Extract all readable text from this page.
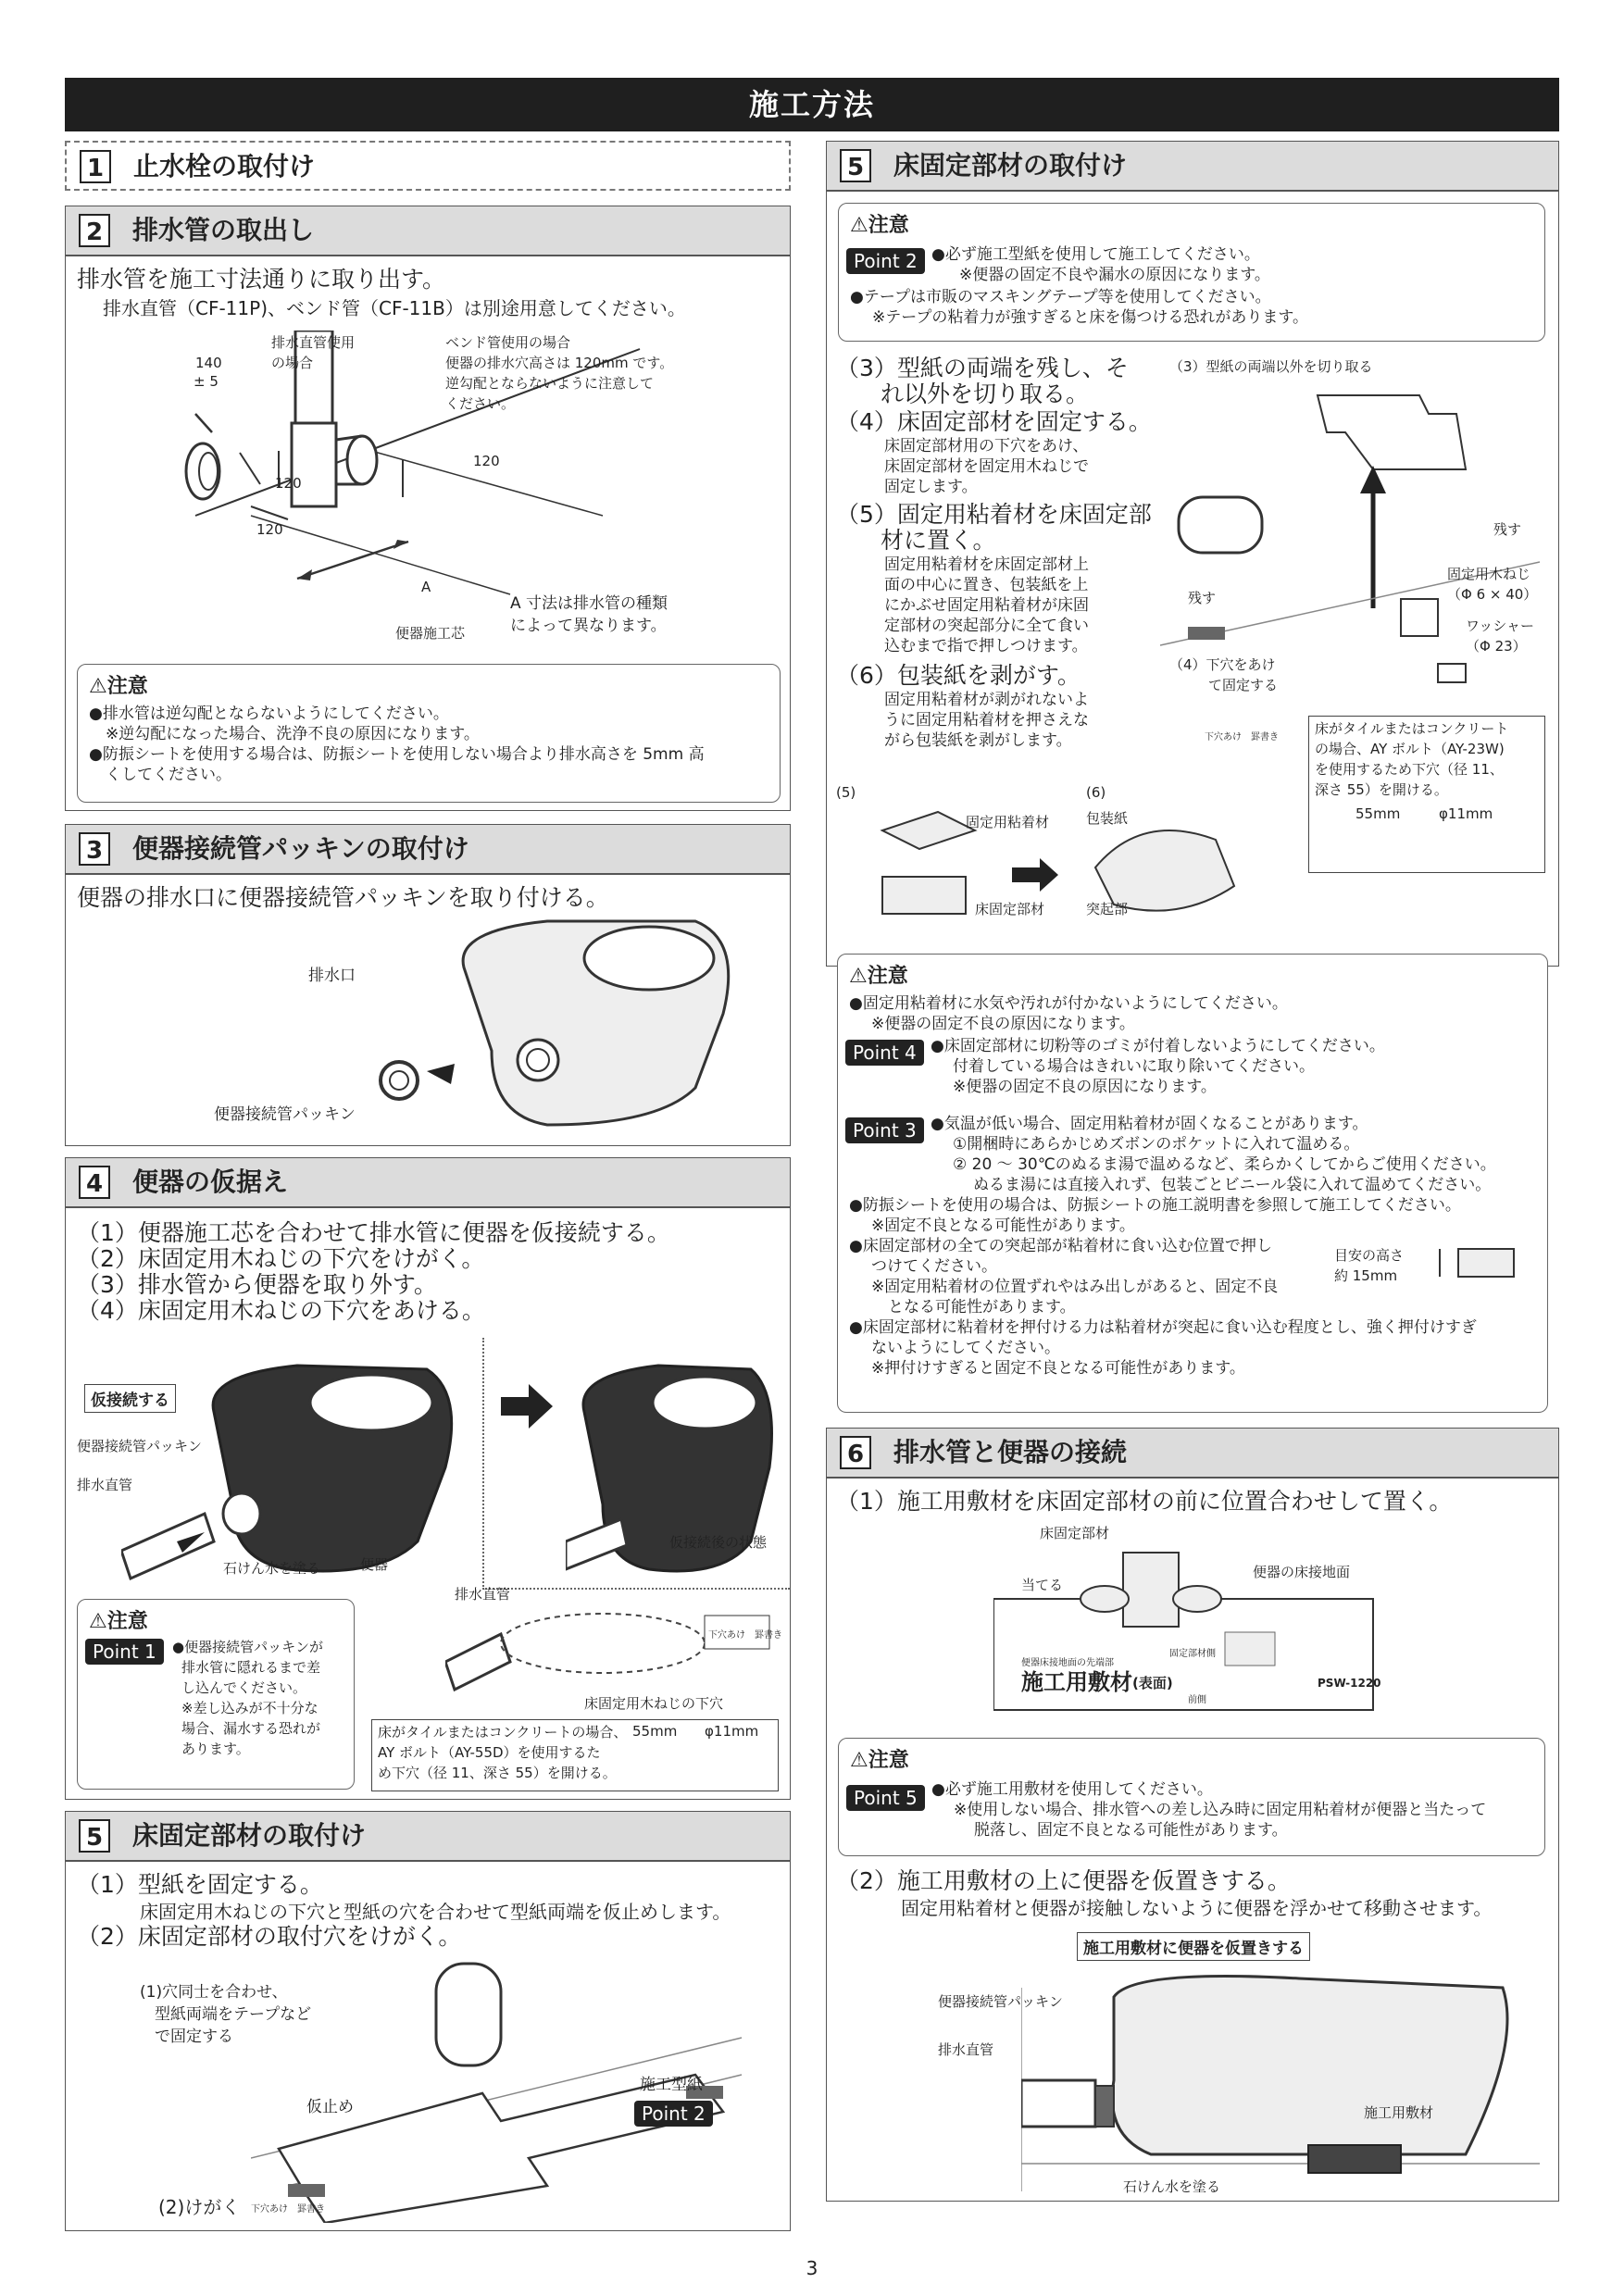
施工方法
1 止水栓の取付け
2 排水管の取出し
排水管を施工寸法通りに取り出す。
排水直管（CF-11P)、ベンド管（CF-11B）は別途用意してください。
排水直管使用
の場合
140
± 5
ベンド管使用の場合
便器の排水穴高さは 120mm です。
逆勾配とならないように注意して
ください。
120
120
120
A
便器施工芯
A 寸法は排水管の種類
によって異なります。
⚠注意
●排水管は逆勾配とならないようにしてください。
※逆勾配になった場合、洗浄不良の原因になります。
●防振シートを使用する場合は、防振シートを使用しない場合より排水高さを 5mm 高
くしてください。
3 便器接続管パッキンの取付け
便器の排水口に便器接続管パッキンを取り付ける。
排水口
便器接続管パッキン
4 便器の仮据え
（1）便器施工芯を合わせて排水管に便器を仮接続する。
（2）床固定用木ねじの下穴をけがく。
（3）排水管から便器を取り外す。
（4）床固定用木ねじの下穴をあける。
仮接続する
便器接続管パッキン
排水直管
石けん水を塗る	便器
仮接続後の状態
⚠注意
Point 1	●便器接続管パッキンが
排水管に隠れるまで差
し込んでください。
※差し込みが不十分な
場合、漏水する恐れが
あります。
排水直管
床固定用木ねじの下穴
下穴あけ　罫書き
床がタイルまたはコンクリートの場合、
AY ボルト（AY-55D）を使用するた
め下穴（径 11、深さ 55）を開ける。
55mm φ11mm
5 床固定部材の取付け
（1）型紙を固定する。
床固定用木ねじの下穴と型紙の穴を合わせて型紙両端を仮止めします。
（2）床固定部材の取付穴をけがく。
(1)穴同士を合わせ、
型紙両端をテープなど
で固定する
仮止め
施工型紙
Point 2
(2)けがく 下穴あけ　罫書き
5 床固定部材の取付け
⚠注意
Point 2 ●必ず施工型紙を使用して施工してください。
※便器の固定不良や漏水の原因になります。
●テープは市販のマスキングテープ等を使用してください。
※テープの粘着力が強すぎると床を傷つける恐れがあります。
（3）型紙の両端を残し、そ
れ以外を切り取る。
（4）床固定部材を固定する。
床固定部材用の下穴をあけ、
床固定部材を固定用木ねじで
固定します。
（5）固定用粘着材を床固定部
材に置く。
固定用粘着材を床固定部材上
面の中心に置き、包装紙を上
にかぶせ固定用粘着材が床固
定部材の突起部分に全て食い
込むまで指で押しつけます。
（6）包装紙を剥がす。
固定用粘着材が剥がれないよ
うに固定用粘着材を押さえな
がら包装紙を剥がします。
（3）型紙の両端以外を切り取る
残す
残す
固定用木ねじ
（Φ 6 × 40）
ワッシャー
（Φ 23）
（4）下穴をあけ
て固定する
下穴あけ　罫書き
床がタイルまたはコンクリート
の場合、AY ボルト（AY-23W)
を使用するため下穴（径 11、
深さ 55）を開ける。
55mm	φ11mm
(5)	(6)
固定用粘着材
床固定部材
包装紙
突起部
⚠注意
●固定用粘着材に水気や汚れが付かないようにしてください。
※便器の固定不良の原因になります。
Point 4 ●床固定部材に切粉等のゴミが付着しないようにしてください。
付着している場合はきれいに取り除いてください。
※便器の固定不良の原因になります。
Point 3 ●気温が低い場合、固定用粘着材が固くなることがあります。
①開梱時にあらかじめズボンのポケットに入れて温める。
② 20 ～ 30℃のぬるま湯で温めるなど、柔らかくしてからご使用ください。
ぬるま湯には直接入れず、包装ごとビニール袋に入れて温めてください。
●防振シートを使用の場合は、防振シートの施工説明書を参照して施工してください。
※固定不良となる可能性があります。
●床固定部材の全ての突起部が粘着材に食い込む位置で押し
つけてください。
※固定用粘着材の位置ずれやはみ出しがあると、固定不良
となる可能性があります。
●床固定部材に粘着材を押付ける力は粘着材が突起に食い込む程度とし、強く押付けすぎ
ないようにしてください。
※押付けすぎると固定不良となる可能性があります。
目安の高さ
約 15mm
6 排水管と便器の接続
（1）施工用敷材を床固定部材の前に位置合わせして置く。
床固定部材
当てる
便器の床接地面
固定部材側
便器床接地面の先端部
施工用敷材 (表面)	PSW-1220
前側
⚠注意
Point 5 ●必ず施工用敷材を使用してください。
※使用しない場合、排水管への差し込み時に固定用粘着材が便器と当たって
脱落し、固定不良となる可能性があります。
（2）施工用敷材の上に便器を仮置きする。
固定用粘着材と便器が接触しないように便器を浮かせて移動させます。
施工用敷材に便器を仮置きする
便器接続管パッキン
排水直管
施工用敷材
石けん水を塗る
3
